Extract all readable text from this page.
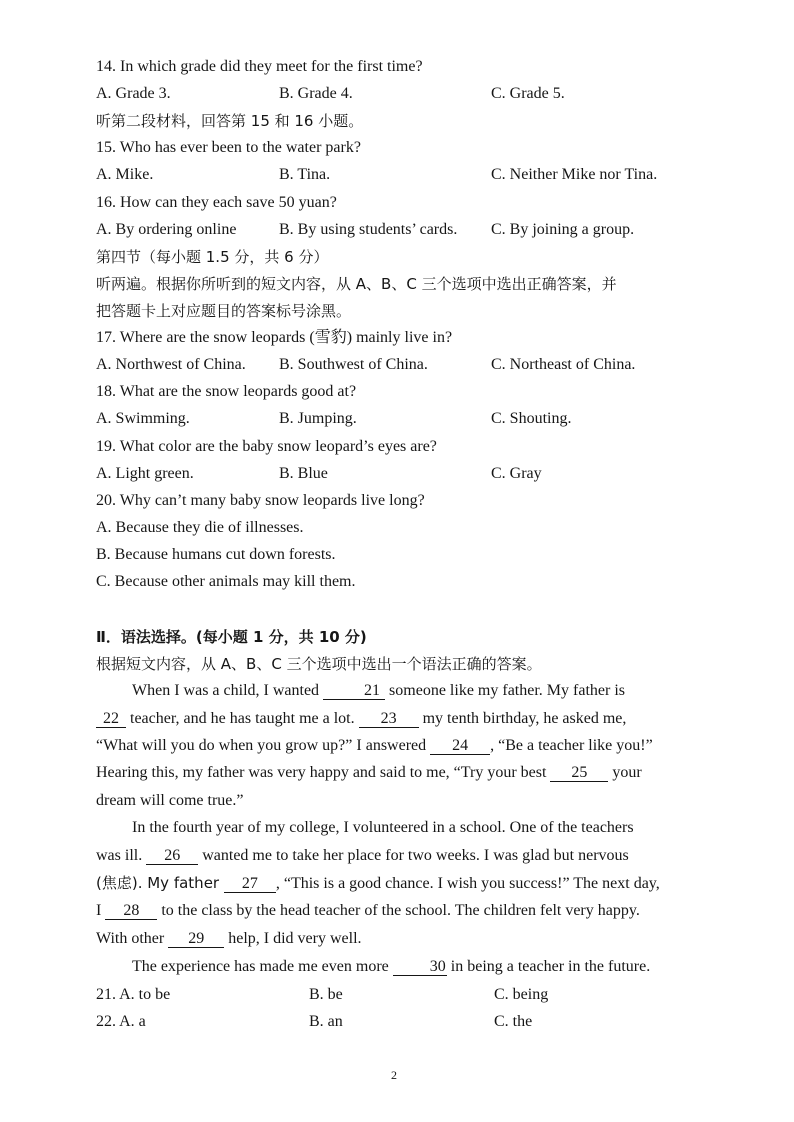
14. In which grade did they meet for the first time?
A. Grade 3.	B. Grade 4.	C. Grade 5.
听第二段材料，回答第 15 和 16 小题。
15. Who has ever been to the water park?
A. Mike.	B. Tina.	C. Neither Mike nor Tina.
16. How can they each save 50 yuan?
A. By ordering online	B. By using students’ cards. C. By joining a group.
第四节（每小题 1.5 分，共 6 分）
听两遍。根据你所听到的短文内容，从 A、B、C 三个选项中选出正确答案，并
把答题卡上对应题目的答案标号涂黑。
17. Where are the snow leopards (雪豹) mainly live in?
A. Northwest of China. B. Southwest of China.	C. Northeast of China.
18. What are the snow leopards good at?
A. Swimming.	B. Jumping.	C. Shouting.
19. What color are the baby snow leopard’s eyes are?
A. Light green.	B. Blue	C. Gray
20. Why can’t many baby snow leopards live long?
A. Because they die of illnesses.
B. Because humans cut down forests.
C. Because other animals may kill them.
Ⅱ．语法选择。(每小题 1 分，共 10 分)
根据短文内容，从 A、B、C 三个选项中选出一个语法正确的答案。
When I was a child, I wanted	21 someone like my father. My father is
22 teacher, and he has taught me a lot. 23 my tenth birthday, he asked me,
“What will you do when you grow up?” I answered 24 , “Be a teacher like you!”
Hearing this, my father was very happy and said to me, “Try your best 25 your
dream will come true.”
In the fourth year of my college, I volunteered in a school. One of the teachers
was ill. 26 wanted me to take her place for two weeks. I was glad but nervous
(焦虑). My father 27 , “This is a good chance. I wish you success!” The next day,
I 28 to the class by the head teacher of the school. The children felt very happy.
With other 29 help, I did very well.
The experience has made me even more 30 in being a teacher in the future.
21. A. to be	B. be	C. being
22. A. a	B. an	C. the
2
